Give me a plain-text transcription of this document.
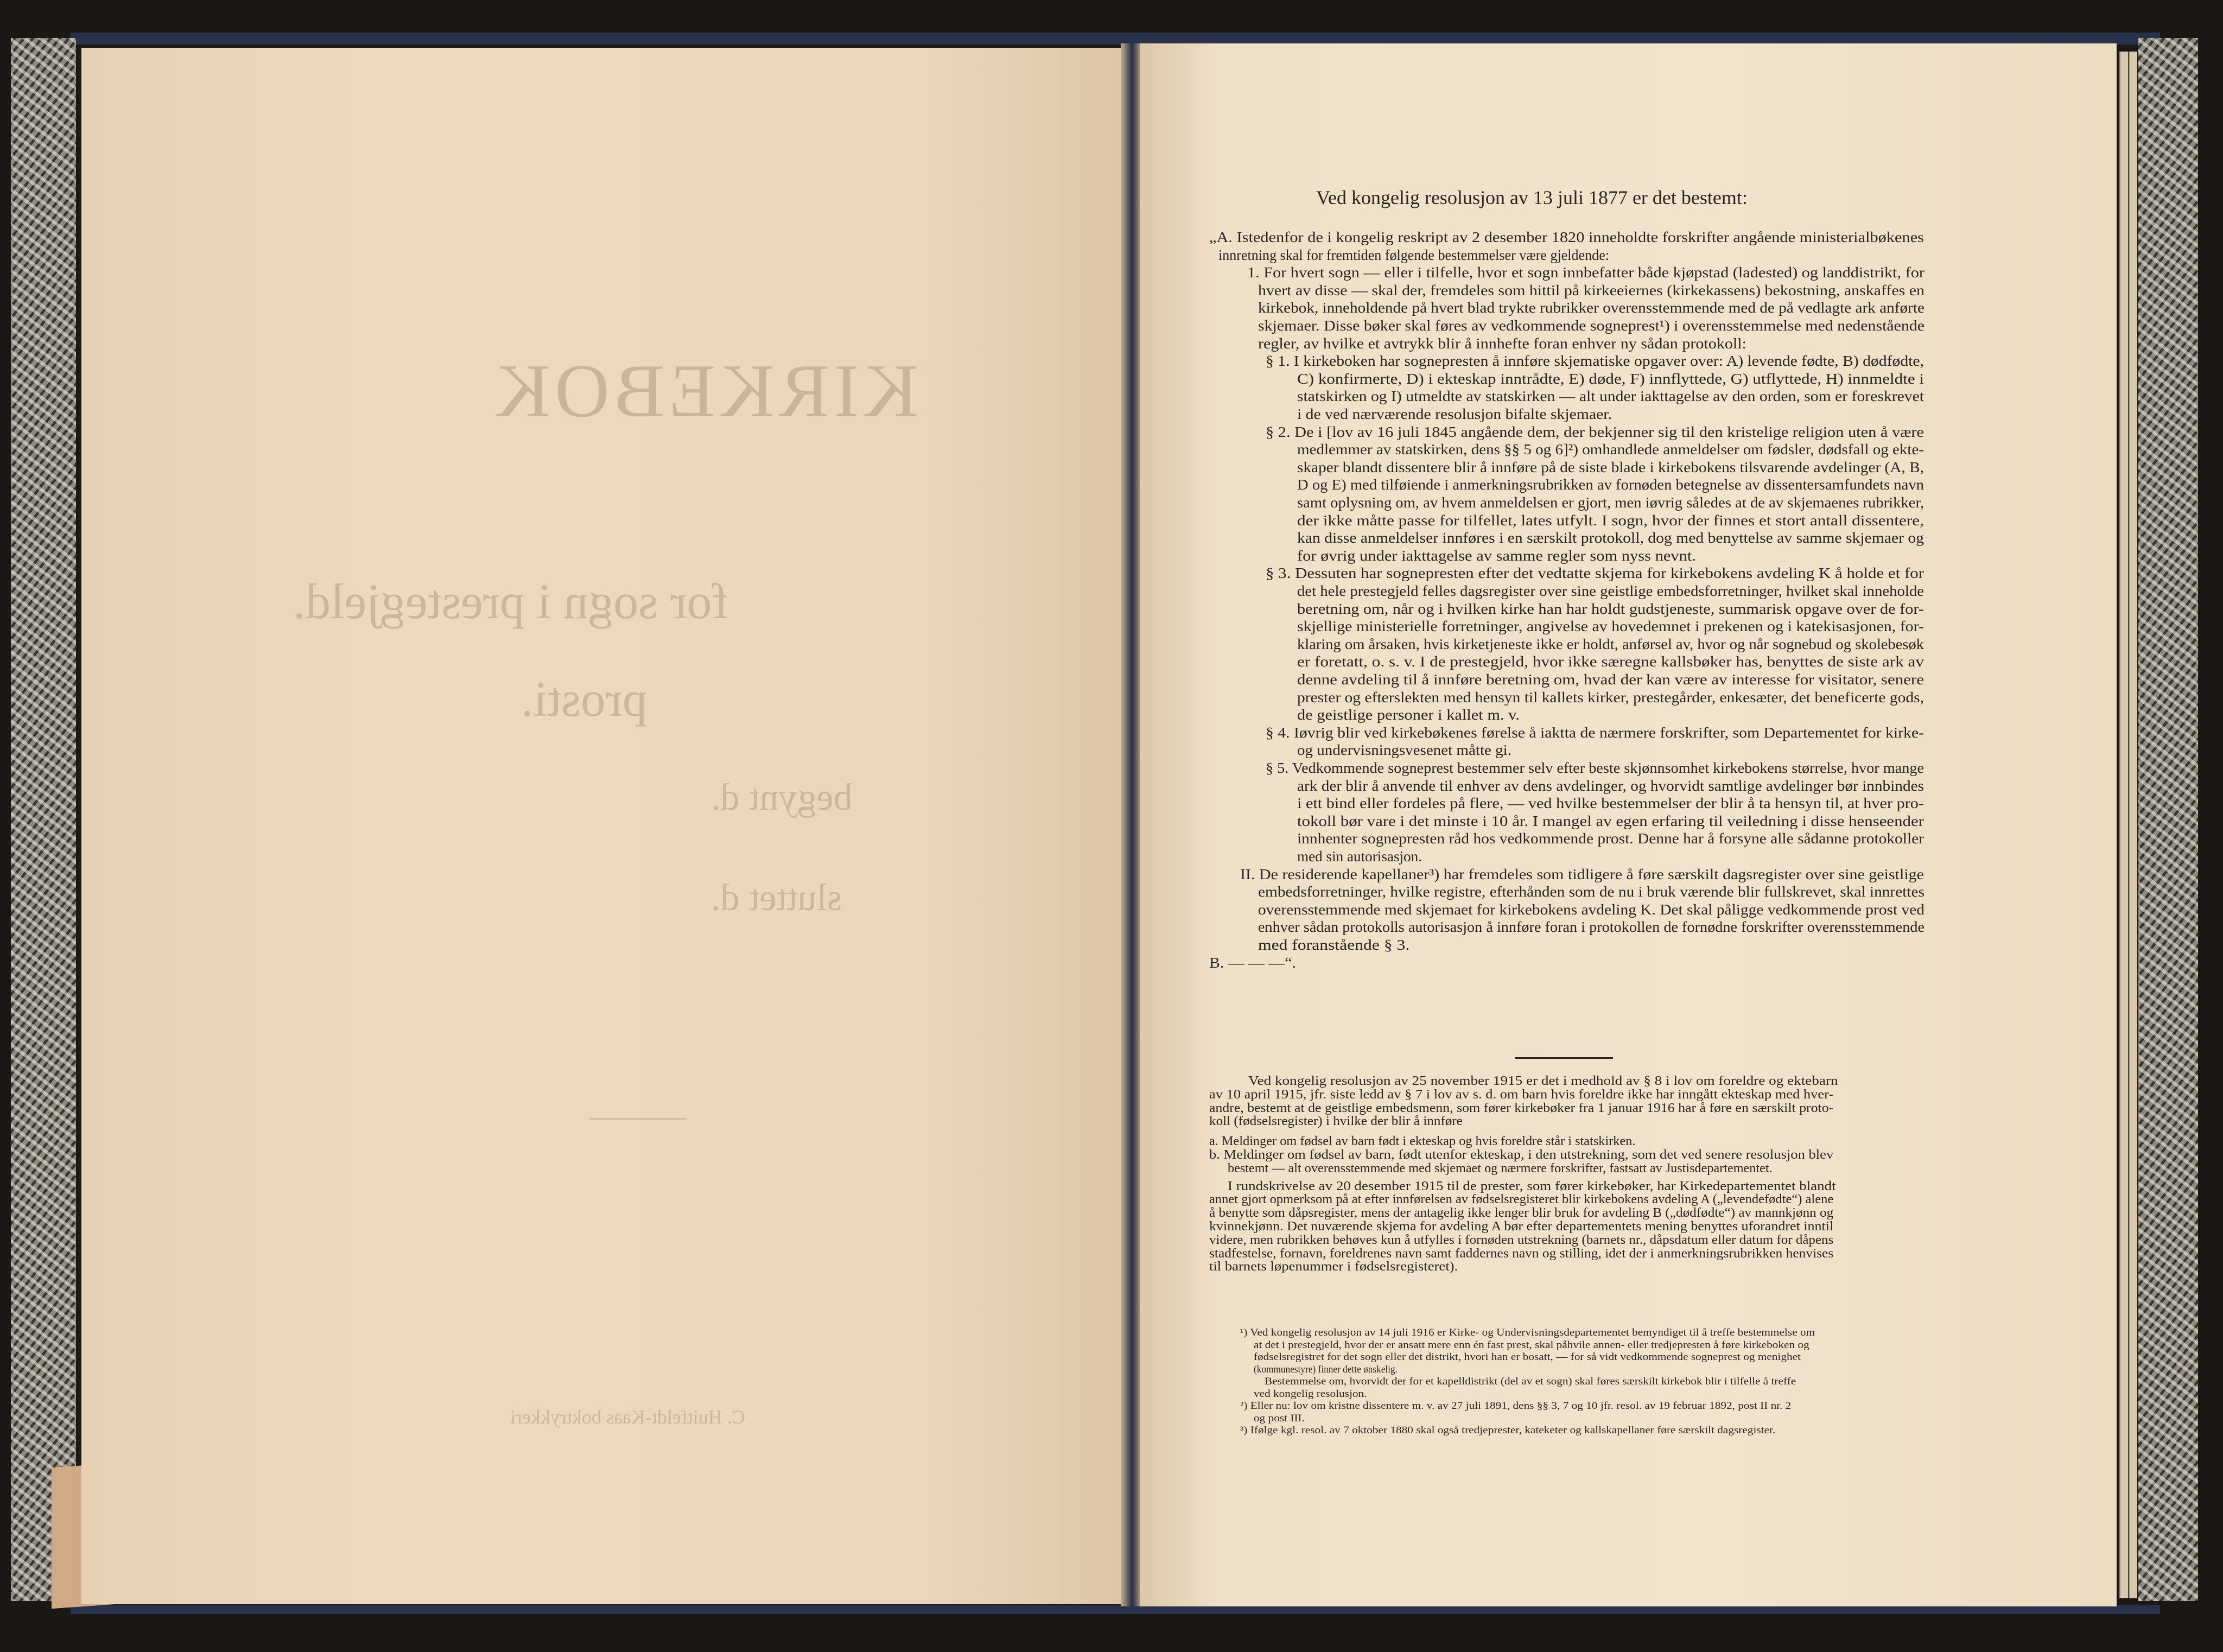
KIRKEBOK
for sogn i prestegjeld.
prosti.
begynt d.
sluttet d.
C. Huitfeldt-Kaas boktrykkeri
Ved kongelig resolusjon av 13 juli 1877 er det bestemt:
„A. Istedenfor de i kongelig reskript av 2 desember 1820 inneholdte forskrifter angående ministerialbøkenes
innretning skal for fremtiden følgende bestemmelser være gjeldende:
1. For hvert sogn — eller i tilfelle, hvor et sogn innbefatter både kjøpstad (ladested) og landdistrikt, for
hvert av disse — skal der, fremdeles som hittil på kirkeeiernes (kirkekassens) bekostning, anskaffes en
kirkebok, inneholdende på hvert blad trykte rubrikker overensstemmende med de på vedlagte ark anførte
skjemaer. Disse bøker skal føres av vedkommende sogneprest¹) i overensstemmelse med nedenstående
regler, av hvilke et avtrykk blir å innhefte foran enhver ny sådan protokoll:
§ 1. I kirkeboken har sognepresten å innføre skjematiske opgaver over: A) levende fødte, B) dødfødte,
C) konfirmerte, D) i ekteskap inntrådte, E) døde, F) innflyttede, G) utflyttede, H) innmeldte i
statskirken og I) utmeldte av statskirken — alt under iakttagelse av den orden, som er foreskrevet
i de ved nærværende resolusjon bifalte skjemaer.
§ 2. De i [lov av 16 juli 1845 angående dem, der bekjenner sig til den kristelige religion uten å være
medlemmer av statskirken, dens §§ 5 og 6]²) omhandlede anmeldelser om fødsler, dødsfall og ekte-
skaper blandt dissentere blir å innføre på de siste blade i kirkebokens tilsvarende avdelinger (A, B,
D og E) med tilføiende i anmerkningsrubrikken av fornøden betegnelse av dissentersamfundets navn
samt oplysning om, av hvem anmeldelsen er gjort, men iøvrig således at de av skjemaenes rubrikker,
der ikke måtte passe for tilfellet, lates utfylt. I sogn, hvor der finnes et stort antall dissentere,
kan disse anmeldelser innføres i en særskilt protokoll, dog med benyttelse av samme skjemaer og
for øvrig under iakttagelse av samme regler som nyss nevnt.
§ 3. Dessuten har sognepresten efter det vedtatte skjema for kirkebokens avdeling K å holde et for
det hele prestegjeld felles dagsregister over sine geistlige embedsforretninger, hvilket skal inneholde
beretning om, når og i hvilken kirke han har holdt gudstjeneste, summarisk opgave over de for-
skjellige ministerielle forretninger, angivelse av hovedemnet i prekenen og i katekisasjonen, for-
klaring om årsaken, hvis kirketjeneste ikke er holdt, anførsel av, hvor og når sognebud og skolebesøk
er foretatt, o. s. v. I de prestegjeld, hvor ikke særegne kallsbøker has, benyttes de siste ark av
denne avdeling til å innføre beretning om, hvad der kan være av interesse for visitator, senere
prester og efterslekten med hensyn til kallets kirker, prestegårder, enkesæter, det beneficerte gods,
de geistlige personer i kallet m. v.
§ 4. Iøvrig blir ved kirkebøkenes førelse å iaktta de nærmere forskrifter, som Departementet for kirke-
og undervisningsvesenet måtte gi.
§ 5. Vedkommende sogneprest bestemmer selv efter beste skjønnsomhet kirkebokens størrelse, hvor mange
ark der blir å anvende til enhver av dens avdelinger, og hvorvidt samtlige avdelinger bør innbindes
i ett bind eller fordeles på flere, — ved hvilke bestemmelser der blir å ta hensyn til, at hver pro-
tokoll bør vare i det minste i 10 år. I mangel av egen erfaring til veiledning i disse henseender
innhenter sognepresten råd hos vedkommende prost. Denne har å forsyne alle sådanne protokoller
med sin autorisasjon.
II. De residerende kapellaner³) har fremdeles som tidligere å føre særskilt dagsregister over sine geistlige
embedsforretninger, hvilke registre, efterhånden som de nu i bruk værende blir fullskrevet, skal innrettes
overensstemmende med skjemaet for kirkebokens avdeling K. Det skal påligge vedkommende prost ved
enhver sådan protokolls autorisasjon å innføre foran i protokollen de fornødne forskrifter overensstemmende
med foranstående § 3.
B. — — —“.
Ved kongelig resolusjon av 25 november 1915 er det i medhold av § 8 i lov om foreldre og ektebarn
av 10 april 1915, jfr. siste ledd av § 7 i lov av s. d. om barn hvis foreldre ikke har inngått ekteskap med hver-
andre, bestemt at de geistlige embedsmenn, som fører kirkebøker fra 1 januar 1916 har å føre en særskilt proto-
koll (fødselsregister) i hvilke der blir å innføre
a. Meldinger om fødsel av barn født i ekteskap og hvis foreldre står i statskirken.
b. Meldinger om fødsel av barn, født utenfor ekteskap, i den utstrekning, som det ved senere resolusjon blev
bestemt — alt overensstemmende med skjemaet og nærmere forskrifter, fastsatt av Justisdepartementet.
I rundskrivelse av 20 desember 1915 til de prester, som fører kirkebøker, har Kirkedepartementet blandt
annet gjort opmerksom på at efter innførelsen av fødselsregisteret blir kirkebokens avdeling A („levendefødte“) alene
å benytte som dåpsregister, mens der antagelig ikke lenger blir bruk for avdeling B („dødfødte“) av mannkjønn og
kvinnekjønn. Det nuværende skjema for avdeling A bør efter departementets mening benyttes uforandret inntil
videre, men rubrikken behøves kun å utfylles i fornøden utstrekning (barnets nr., dåpsdatum eller datum for dåpens
stadfestelse, fornavn, foreldrenes navn samt faddernes navn og stilling, idet der i anmerkningsrubrikken henvises
til barnets løpenummer i fødselsregisteret).
¹) Ved kongelig resolusjon av 14 juli 1916 er Kirke- og Undervisningsdepartementet bemyndiget til å treffe bestemmelse om
at det i prestegjeld, hvor der er ansatt mere enn én fast prest, skal påhvile annen- eller tredjepresten å føre kirkeboken og
fødselsregistret for det sogn eller det distrikt, hvori han er bosatt, — for så vidt vedkommende sogneprest og menighet
(kommunestyre) finner dette ønskelig.
Bestemmelse om, hvorvidt der for et kapelldistrikt (del av et sogn) skal føres særskilt kirkebok blir i tilfelle å treffe
ved kongelig resolusjon.
²) Eller nu: lov om kristne dissentere m. v. av 27 juli 1891, dens §§ 3, 7 og 10 jfr. resol. av 19 februar 1892, post II nr. 2
og post III.
³) Ifølge kgl. resol. av 7 oktober 1880 skal også tredjeprester, kateketer og kallskapellaner føre særskilt dagsregister.
